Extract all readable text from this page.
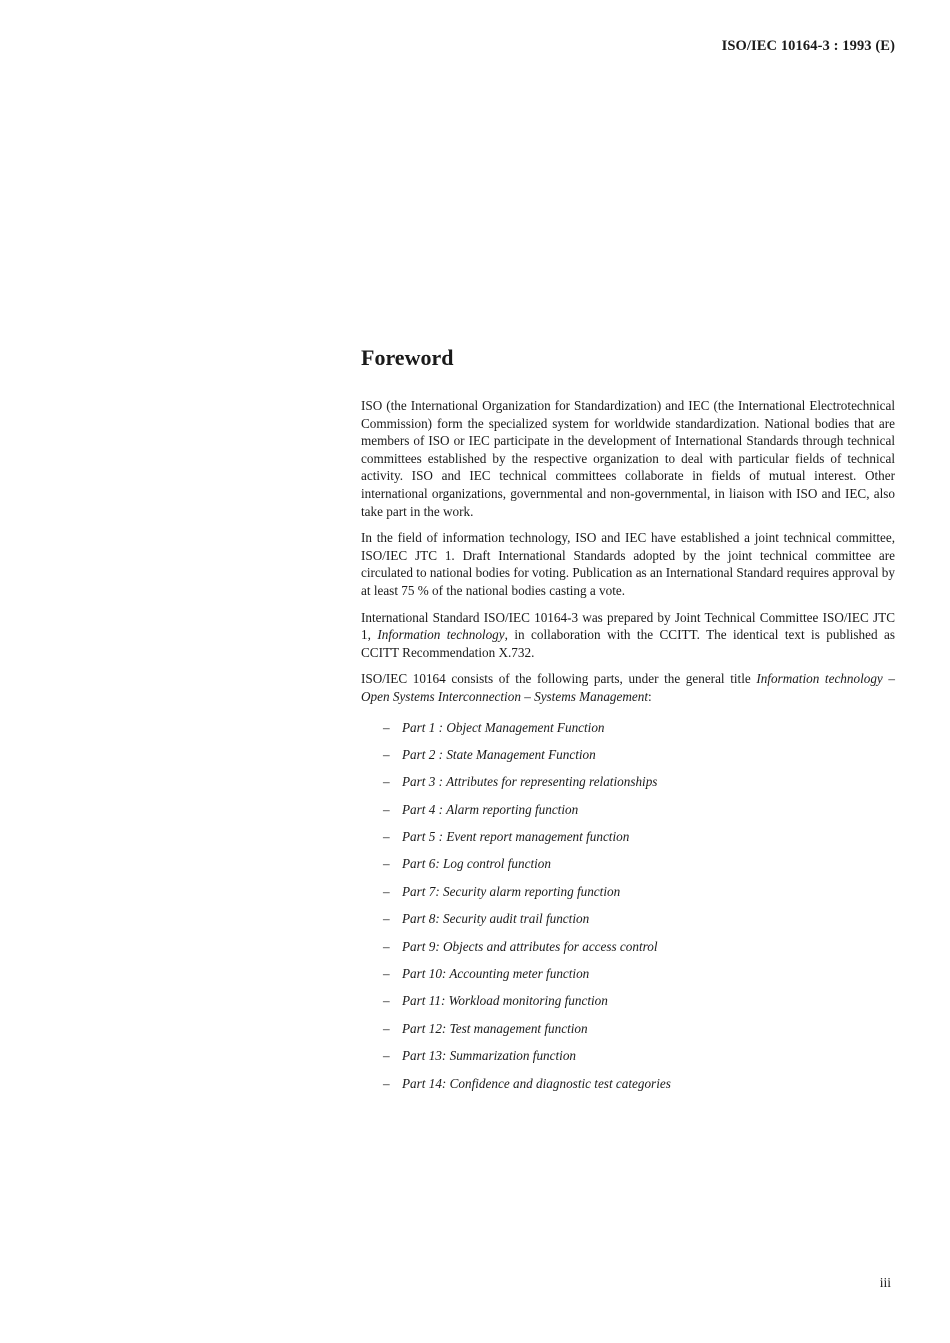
ISO/IEC 10164-3 : 1993 (E)
Foreword

ISO (the International Organization for Standardization) and IEC (the International Electrotechnical Commission) form the specialized system for worldwide standardization. National bodies that are members of ISO or IEC participate in the development of International Standards through technical committees established by the respective organization to deal with particular fields of technical activity. ISO and IEC technical committees collaborate in fields of mutual interest. Other international organizations, governmental and non-governmental, in liaison with ISO and IEC, also take part in the work.

In the field of information technology, ISO and IEC have established a joint technical committee, ISO/IEC JTC 1. Draft International Standards adopted by the joint technical committee are circulated to national bodies for voting. Publication as an International Standard requires approval by at least 75 % of the national bodies casting a vote.

International Standard ISO/IEC 10164-3 was prepared by Joint Technical Committee ISO/IEC JTC 1, Information technology, in collaboration with the CCITT. The identical text is published as CCITT Recommendation X.732.

ISO/IEC 10164 consists of the following parts, under the general title Information technology – Open Systems Interconnection – Systems Management:

– Part 1 : Object Management Function
– Part 2 : State Management Function
– Part 3 : Attributes for representing relationships
– Part 4 : Alarm reporting function
– Part 5 : Event report management function
– Part 6: Log control function
– Part 7: Security alarm reporting function
– Part 8: Security audit trail function
– Part 9: Objects and attributes for access control
– Part 10: Accounting meter function
– Part 11: Workload monitoring function
– Part 12: Test management function
– Part 13: Summarization function
– Part 14: Confidence and diagnostic test categories
iii
